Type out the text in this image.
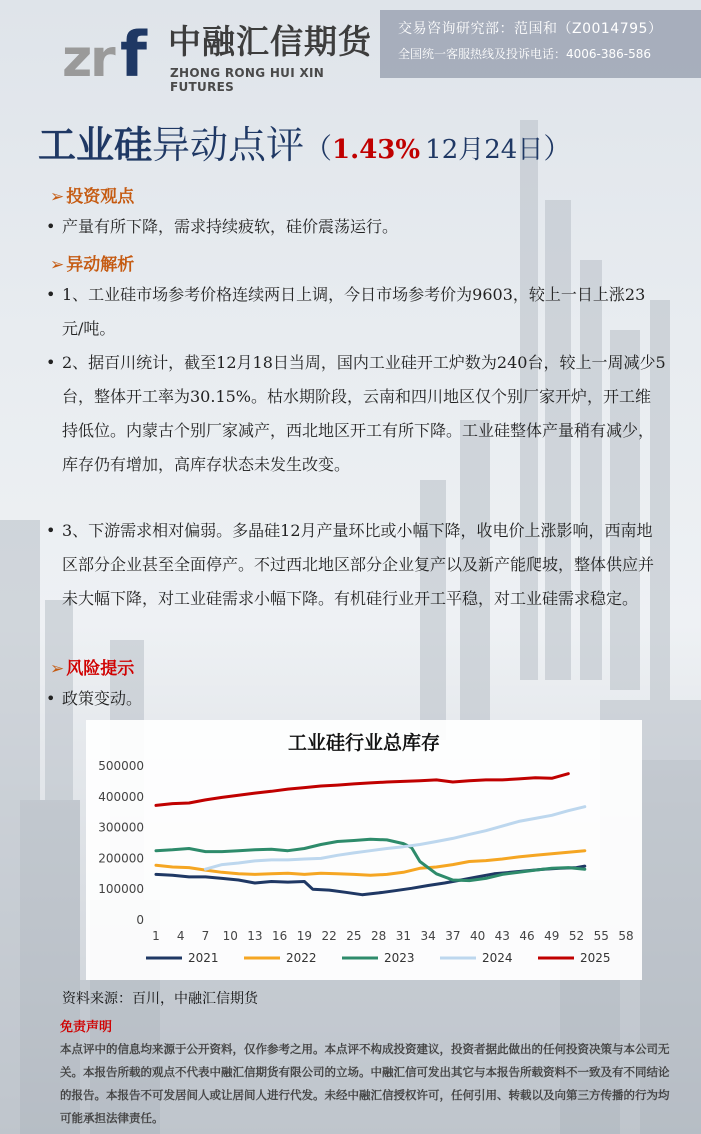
z
r f 中融汇信期货
ZHONG RONG HUI XIN FUTURES
交易咨询研究部：范国和（Z0014795）
全国统一客服热线及投诉电话：4006-386-586
工业硅异动点评（1.43% 12月24日）
➢ 投资观点
• 产量有所下降，需求持续疲软，硅价震荡运行。
➢ 异动解析
• 1、工业硅市场参考价格连续两日上调，今日市场参考价为9603，较上一日上涨23元/吨。
• 2、据百川统计，截至12月18日当周，国内工业硅开工炉数为240台，较上一周减少5台，整体开工率为30.15%。枯水期阶段，云南和四川地区仅个别厂家开炉，开工维持低位。内蒙古个别厂家减产，西北地区开工有所下降。工业硅整体产量稍有减少，库存仍有增加，高库存状态未发生改变。
• 3、下游需求相对偏弱。多晶硅12月产量环比或小幅下降，收电价上涨影响，西南地区部分企业甚至全面停产。不过西北地区部分企业复产以及新产能爬坡，整体供应并未大幅下降，对工业硅需求小幅下降。有机硅行业开工平稳，对工业硅需求稳定。
➢ 风险提示
• 政策变动。
工业硅行业总库存
0
100000
200000
300000
400000
500000
1 4 7 10 13 16 19 22 25 28 31 34 37 40 43 46 49 52 55 58
2021	2022	2023	2024	2025
资料来源：百川，中融汇信期货
免责声明
本点评中的信息均来源于公开资料，仅作参考之用。本点评不构成投资建议，投资者据此做出的任何投资决策与本公司无关。本报告所载的观点不代表中融汇信期货有限公司的立场。中融汇信可发出其它与本报告所载资料不一致及有不同结论的报告。本报告不可发居间人或让居间人进行代发。未经中融汇信授权许可，任何引用、转载以及向第三方传播的行为均可能承担法律责任。
